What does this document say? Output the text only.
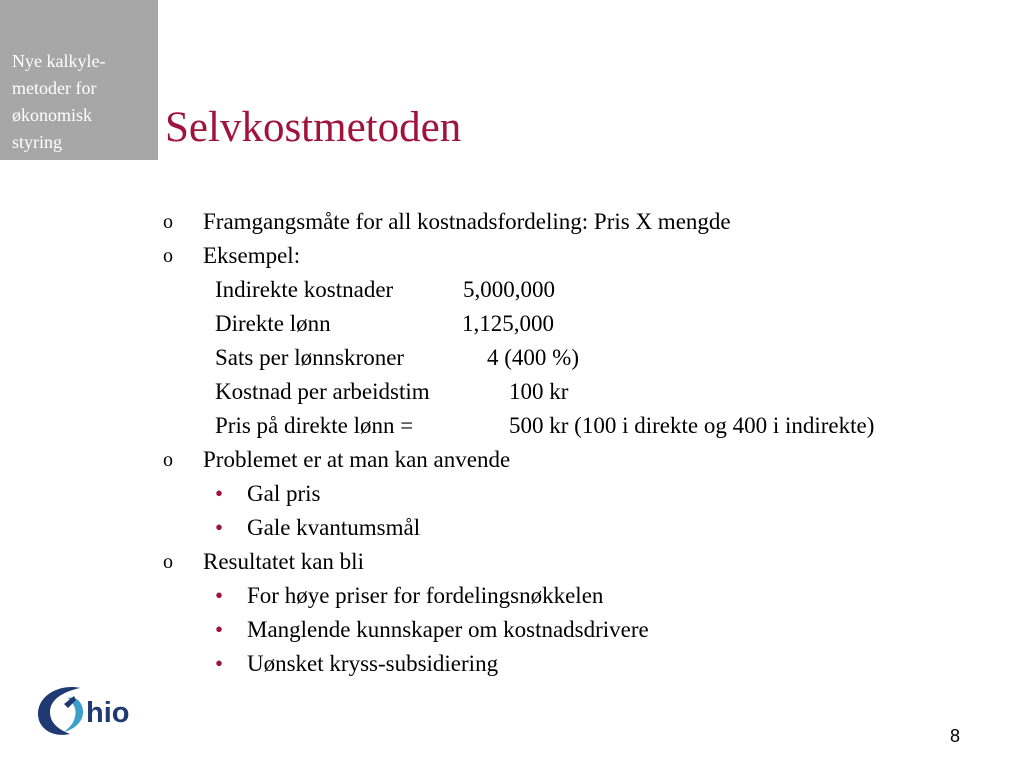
Nye kalkyle-
metoder for
økonomisk
styring	Selvkostmetoden
o Framgangsmåte for all kostnadsfordeling: Pris X mengde
o Eksempel:
Indirekte kostnader	5,000,000
Direkte lønn	1,125,000
Sats per lønnskroner	4 (400 %)
Kostnad per arbeidstim	100 kr
Pris på direkte lønn =	500 kr (100 i direkte og 400 i indirekte)
o Problemet er at man kan anvende
• Gal pris
• Gale kvantumsmål
o Resultatet kan bli
• For høye priser for fordelingsnøkkelen
• Manglende kunnskaper om kostnadsdrivere
• Uønsket kryss-subsidiering
hio
8
